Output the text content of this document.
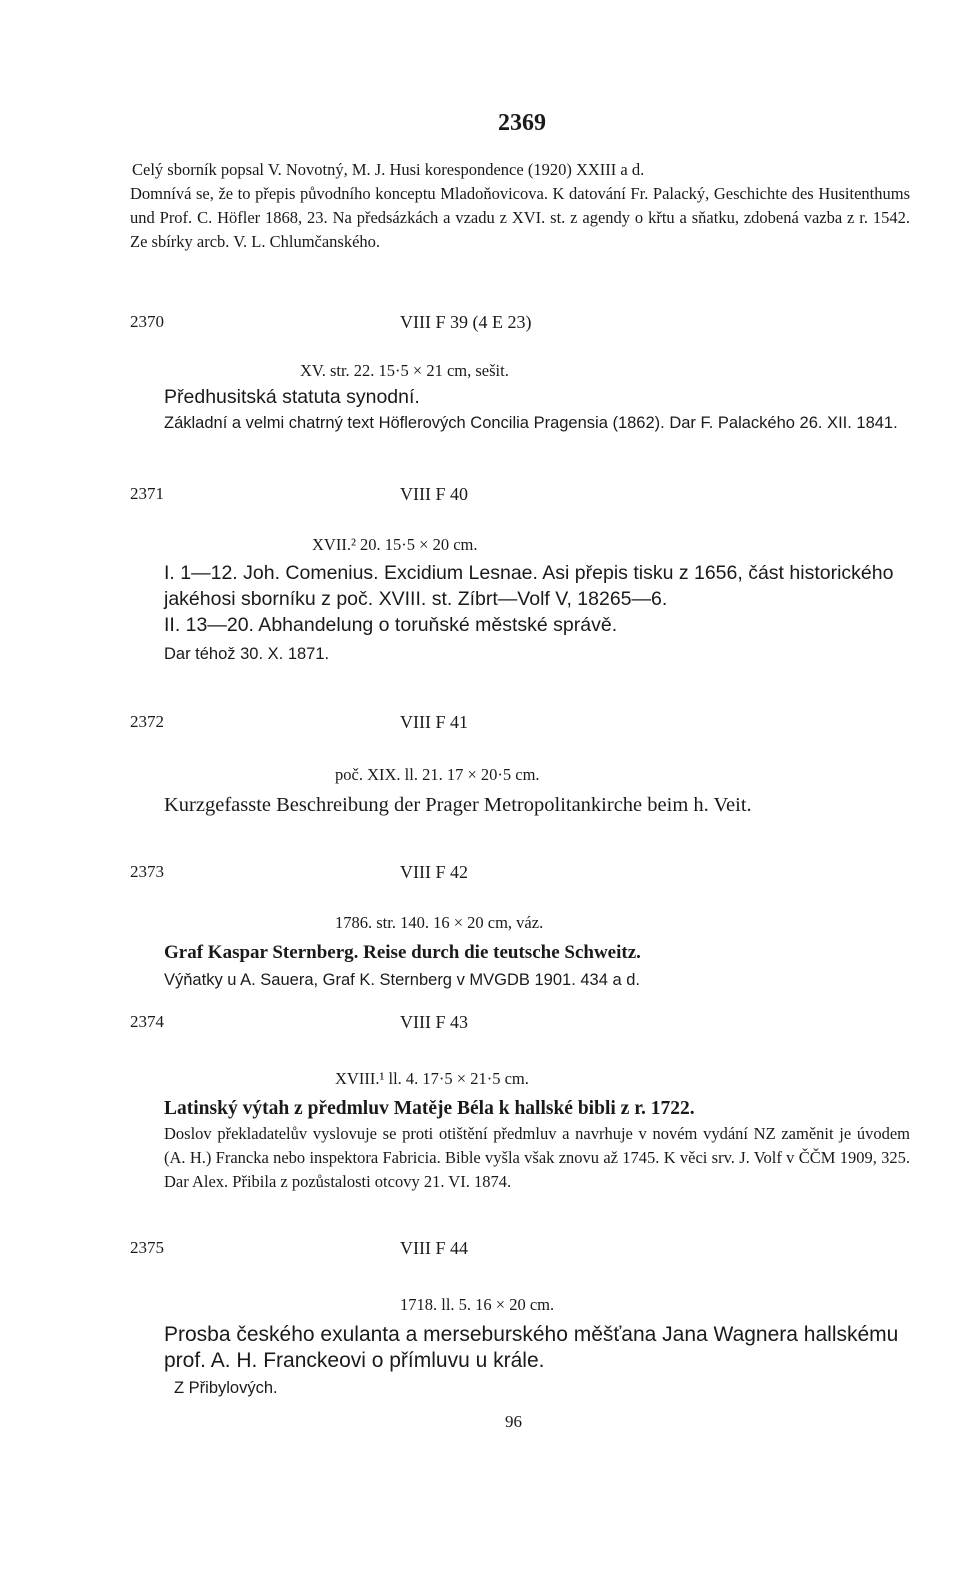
2369

Celý sborník popsal V. Novotný, M. J. Husi korespondence (1920) XXIII a d.

Domnívá se, že to přepis původního konceptu Mladoňovicova. K datování Fr. Palacký, Geschichte des Husitenthums und Prof. C. Höfler 1868, 23. Na předsázkách a vzadu z XVI. st. z agendy o křtu a sňatku, zdobená vazba z r. 1542. Ze sbírky arcb. V. L. Chlumčanského.

2370	VIII F 39 (4 E 23)
XV. str. 22. 15·5 × 21 cm, sešit.

Předhusitská statuta synodní.

Základní a velmi chatrný text Höflerových Concilia Pragensia (1862). Dar F. Palackého 26. XII. 1841.

2371	VIII F 40
XVII.² 20. 15·5 × 20 cm.

I. 1—12. Joh. Comenius. Excidium Lesnae. Asi přepis tisku z 1656, část historického jakéhosi sborníku z poč. XVIII. st. Zíbrt—Volf V, 18265—6.

II. 13—20. Abhandelung o toruňské městské správě.

Dar téhož 30. X. 1871.

2372	VIII F 41
poč. XIX. ll. 21. 17 × 20·5 cm.

Kurzgefasste Beschreibung der Prager Metropolitankirche beim h. Veit.

2373	VIII F 42
1786. str. 140. 16 × 20 cm, váz.

Graf Kaspar Sternberg. Reise durch die teutsche Schweitz.

Výňatky u A. Sauera, Graf K. Sternberg v MVGDB 1901. 434 a d.

2374	VIII F 43
XVIII.¹ ll. 4. 17·5 × 21·5 cm.

Latinský výtah z předmluv Matěje Béla k hallské bibli z r. 1722.

Doslov překladatelův vyslovuje se proti otištění předmluv a navrhuje v novém vydání NZ zaměnit je úvodem (A. H.) Francka nebo inspektora Fabricia. Bible vyšla však znovu až 1745. K věci srv. J. Volf v ČČM 1909, 325. Dar Alex. Přibila z pozůstalosti otcovy 21. VI. 1874.

2375	VIII F 44
1718. ll. 5. 16 × 20 cm.

Prosba českého exulanta a merseburského měšťana Jana Wagnera hallskému prof. A. H. Franckeovi o přímluvu u krále.

Z Přibylových.

96
